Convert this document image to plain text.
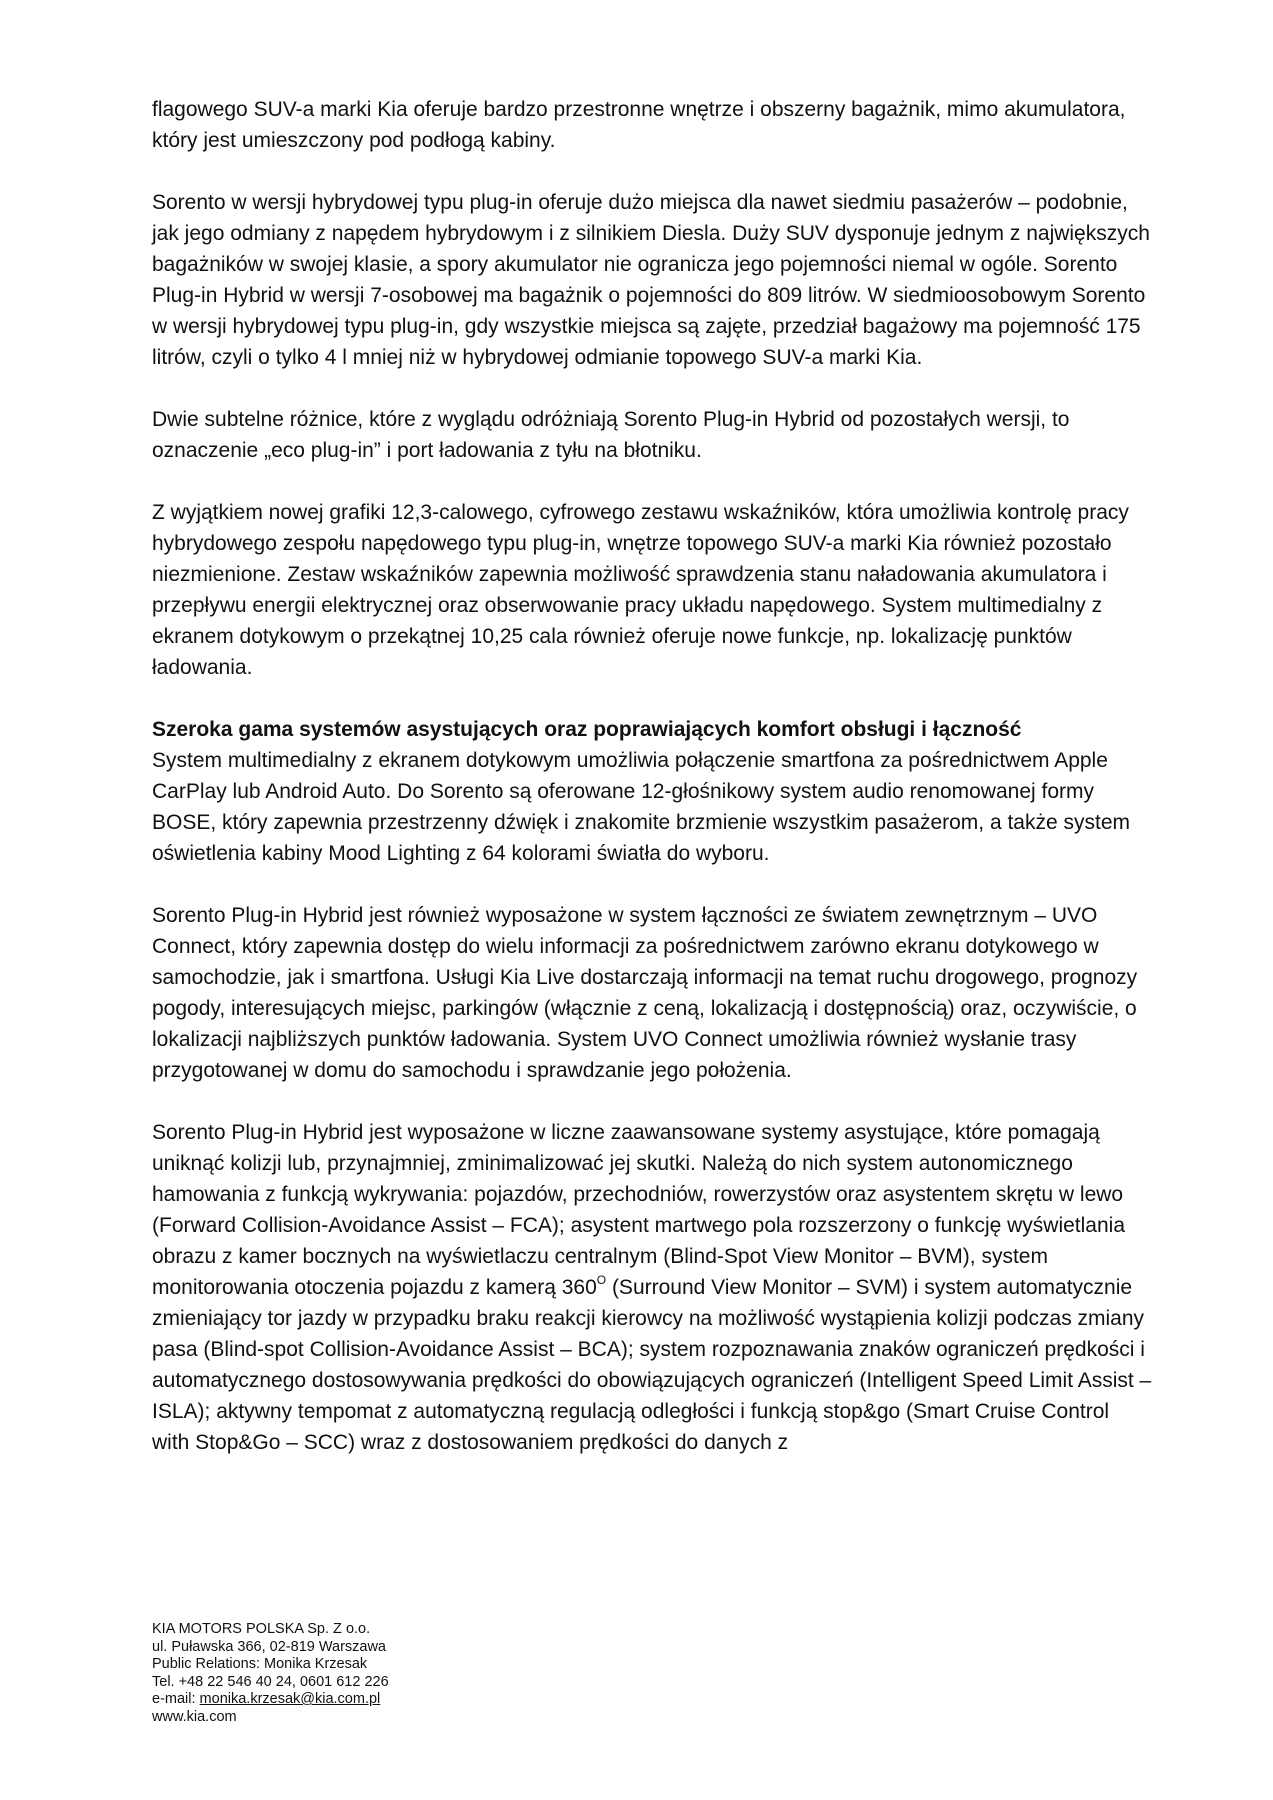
flagowego SUV-a marki Kia oferuje bardzo przestronne wnętrze i obszerny bagażnik, mimo akumulatora, który jest umieszczony pod podłogą kabiny.

Sorento w wersji hybrydowej typu plug-in oferuje dużo miejsca dla nawet siedmiu pasażerów – podobnie, jak jego odmiany z napędem hybrydowym i z silnikiem Diesla. Duży SUV dysponuje jednym z największych bagażników w swojej klasie, a spory akumulator nie ogranicza jego pojemności niemal w ogóle. Sorento Plug-in Hybrid w wersji 7-osobowej ma bagażnik o pojemności do 809 litrów. W siedmioosobowym Sorento w wersji hybrydowej typu plug-in, gdy wszystkie miejsca są zajęte, przedział bagażowy ma pojemność 175 litrów, czyli o tylko 4 l mniej niż w hybrydowej odmianie topowego SUV-a marki Kia.

Dwie subtelne różnice, które z wyglądu odróżniają Sorento Plug-in Hybrid od pozostałych wersji, to oznaczenie „eco plug-in” i port ładowania z tyłu na błotniku.

Z wyjątkiem nowej grafiki 12,3-calowego, cyfrowego zestawu wskaźników, która umożliwia kontrolę pracy hybrydowego zespołu napędowego typu plug-in, wnętrze topowego SUV-a marki Kia również pozostało niezmienione. Zestaw wskaźników zapewnia możliwość sprawdzenia stanu naładowania akumulatora i przepływu energii elektrycznej oraz obserwowanie pracy układu napędowego. System multimedialny z ekranem dotykowym o przekątnej 10,25 cala również oferuje nowe funkcje, np. lokalizację punktów ładowania.

Szeroka gama systemów asystujących oraz poprawiających komfort obsługi i łączność
System multimedialny z ekranem dotykowym umożliwia połączenie smartfona za pośrednictwem Apple CarPlay lub Android Auto. Do Sorento są oferowane 12-głośnikowy system audio renomowanej formy BOSE, który zapewnia przestrzenny dźwięk i znakomite brzmienie wszystkim pasażerom, a także system oświetlenia kabiny Mood Lighting z 64 kolorami światła do wyboru.

Sorento Plug-in Hybrid jest również wyposażone w system łączności ze światem zewnętrznym – UVO Connect, który zapewnia dostęp do wielu informacji za pośrednictwem zarówno ekranu dotykowego w samochodzie, jak i smartfona. Usługi Kia Live dostarczają informacji na temat ruchu drogowego, prognozy pogody, interesujących miejsc, parkingów (włącznie z ceną, lokalizacją i dostępnością) oraz, oczywiście, o lokalizacji najbliższych punktów ładowania. System UVO Connect umożliwia również wysłanie trasy przygotowanej w domu do samochodu i sprawdzanie jego położenia.

Sorento Plug-in Hybrid jest wyposażone w liczne zaawansowane systemy asystujące, które pomagają uniknąć kolizji lub, przynajmniej, zminimalizować jej skutki. Należą do nich system autonomicznego hamowania z funkcją wykrywania: pojazdów, przechodniów, rowerzystów oraz asystentem skrętu w lewo (Forward Collision-Avoidance Assist – FCA); asystent martwego pola rozszerzony o funkcję wyświetlania obrazu z kamer bocznych na wyświetlaczu centralnym (Blind-Spot View Monitor – BVM), system monitorowania otoczenia pojazdu z kamerą $360^O$ (Surround View Monitor – SVM) i system automatycznie zmieniający tor jazdy w przypadku braku reakcji kierowcy na możliwość wystąpienia kolizji podczas zmiany pasa (Blind-spot Collision-Avoidance Assist – BCA); system rozpoznawania znaków ograniczeń prędkości i automatycznego dostosowywania prędkości do obowiązujących ograniczeń (Intelligent Speed Limit Assist – ISLA); aktywny tempomat z automatyczną regulacją odległości i funkcją stop&go (Smart Cruise Control with Stop&Go – SCC) wraz z dostosowaniem prędkości do danych z

KIA MOTORS POLSKA Sp. Z o.o.
ul. Puławska 366, 02-819 Warszawa
Public Relations: Monika Krzesak
Tel. +48 22 546 40 24, 0601 612 226
e-mail: monika.krzesak@kia.com.pl
www.kia.com
